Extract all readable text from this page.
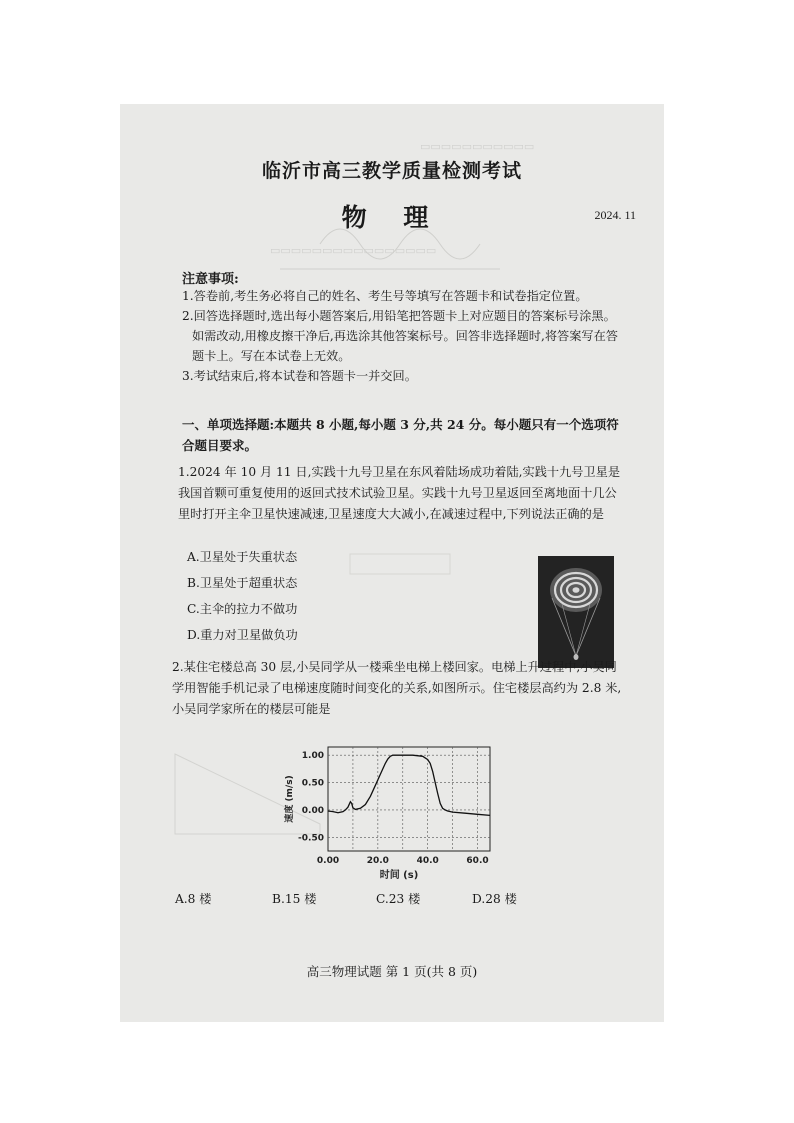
▭▭▭▭▭▭▭▭▭▭▭
▭▭▭▭▭▭▭▭▭▭▭▭▭▭▭▭
临沂市高三教学质量检测考试
物 理	2024. 11
注意事项:

1.答卷前,考生务必将自己的姓名、考生号等填写在答题卡和试卷指定位置。

2.回答选择题时,选出每小题答案后,用铅笔把答题卡上对应题目的答案标号涂黑。如需改动,用橡皮擦干净后,再选涂其他答案标号。回答非选择题时,将答案写在答题卡上。写在本试卷上无效。

3.考试结束后,将本试卷和答题卡一并交回。

一、单项选择题:本题共 8 小题,每小题 3 分,共 24 分。每小题只有一个选项符合题目要求。

1.2024 年 10 月 11 日,实践十九号卫星在东风着陆场成功着陆,实践十九号卫星是我国首颗可重复使用的返回式技术试验卫星。实践十九号卫星返回至离地面十几公里时打开主伞卫星快速减速,卫星速度大大减小,在减速过程中,下列说法正确的是

A.卫星处于失重状态
B.卫星处于超重状态
C.主伞的拉力不做功
D.重力对卫星做负功

2.某住宅楼总高 30 层,小吴同学从一楼乘坐电梯上楼回家。电梯上升过程中,小吴同学用智能手机记录了电梯速度随时间变化的关系,如图所示。住宅楼层高约为 2.8 米,小吴同学家所在的楼层可能是

-0.50
0.00
0.50
1.00
0.00	20.0	40.0	60.0
时间 (s)
速度 (m/s)
A.8 楼	B.15 楼	C.23 楼	D.28 楼
高三物理试题 第 1 页(共 8 页)
